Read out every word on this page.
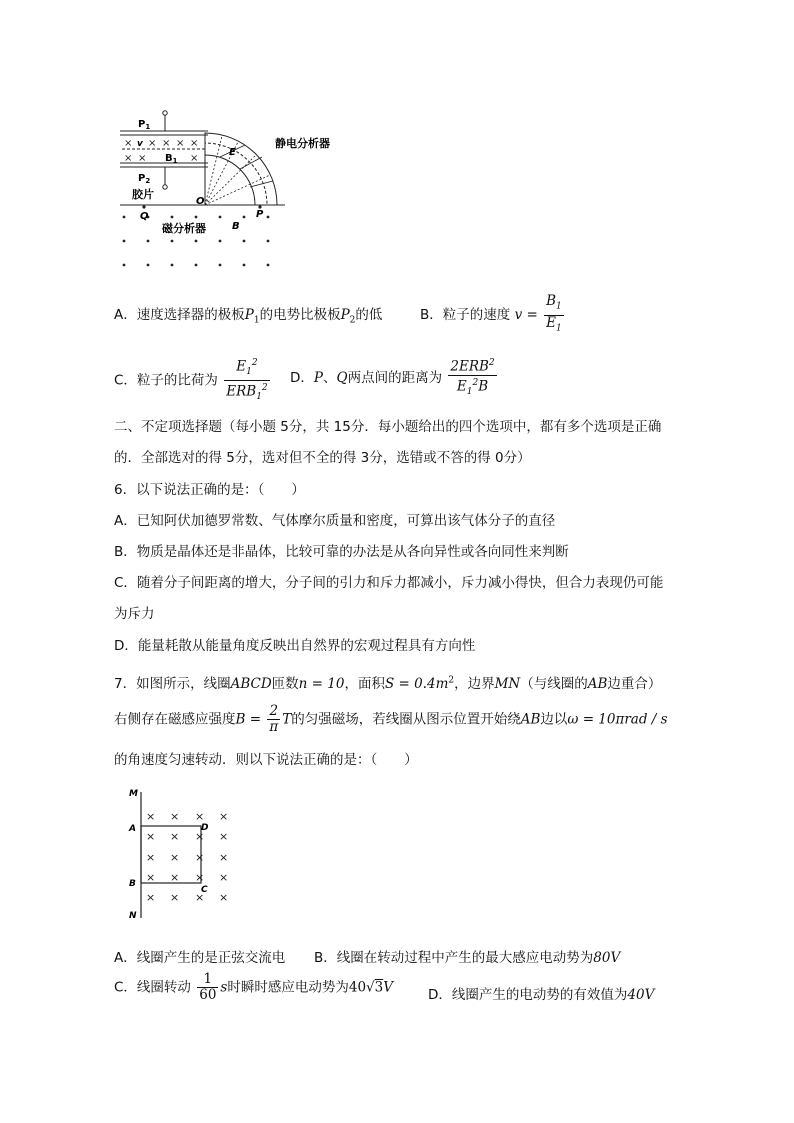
× × × × ×
× ×	×
$P_1$
$P_2$
v
$B_1$
E
O
P
Q
B
胶片
静电分析器
磁分析器
A．速度选择器的极板$P_1$的电势比极板$P_2$的低	B．粒子的速度 $v = \frac{B_1}{E_1}$
C．粒子的比荷为 $\frac{E_1^2}{ERB_1^2}$ D．P、Q两点间的距离为 $\frac{2ERB^2}{E_1^2B}$
二、不定项选择题（每小题 5分，共 15分．每小题给出的四个选项中，都有多个选项是正确
的．全部选对的得 5分，选对但不全的得 3分，选错或不答的得 0分）
6．以下说法正确的是：（　　）
A．已知阿伏加德罗常数、气体摩尔质量和密度，可算出该气体分子的直径
B．物质是晶体还是非晶体，比较可靠的办法是从各向异性或各向同性来判断
C．随着分子间距离的增大，分子间的引力和斥力都减小，斥力减小得快，但合力表现仍可能
为斥力
D．能量耗散从能量角度反映出自然界的宏观过程具有方向性
7．如图所示，线圈ABCD匝数n = 10，面积$S = 0.4m^2$，边界MN（与线圈的AB边重合）
右侧存在磁感应强度$B = \frac{2}{\pi}$ T的匀强磁场，若线圈从图示位置开始绕AB边以ω = 10πrad / s
的角速度匀速转动．则以下说法正确的是：（　　）
M
A
B
N
D
C
× × × ×
× × × ×
× × × ×
× × × ×
× × × ×
A．线圈产生的是正弦交流电 B．线圈在转动过程中产生的最大感应电动势为80V
C．线圈转动 $\frac{1}{60}$ s时瞬时感应电动势为40√3V	D．线圈产生的电动势的有效值为40V
